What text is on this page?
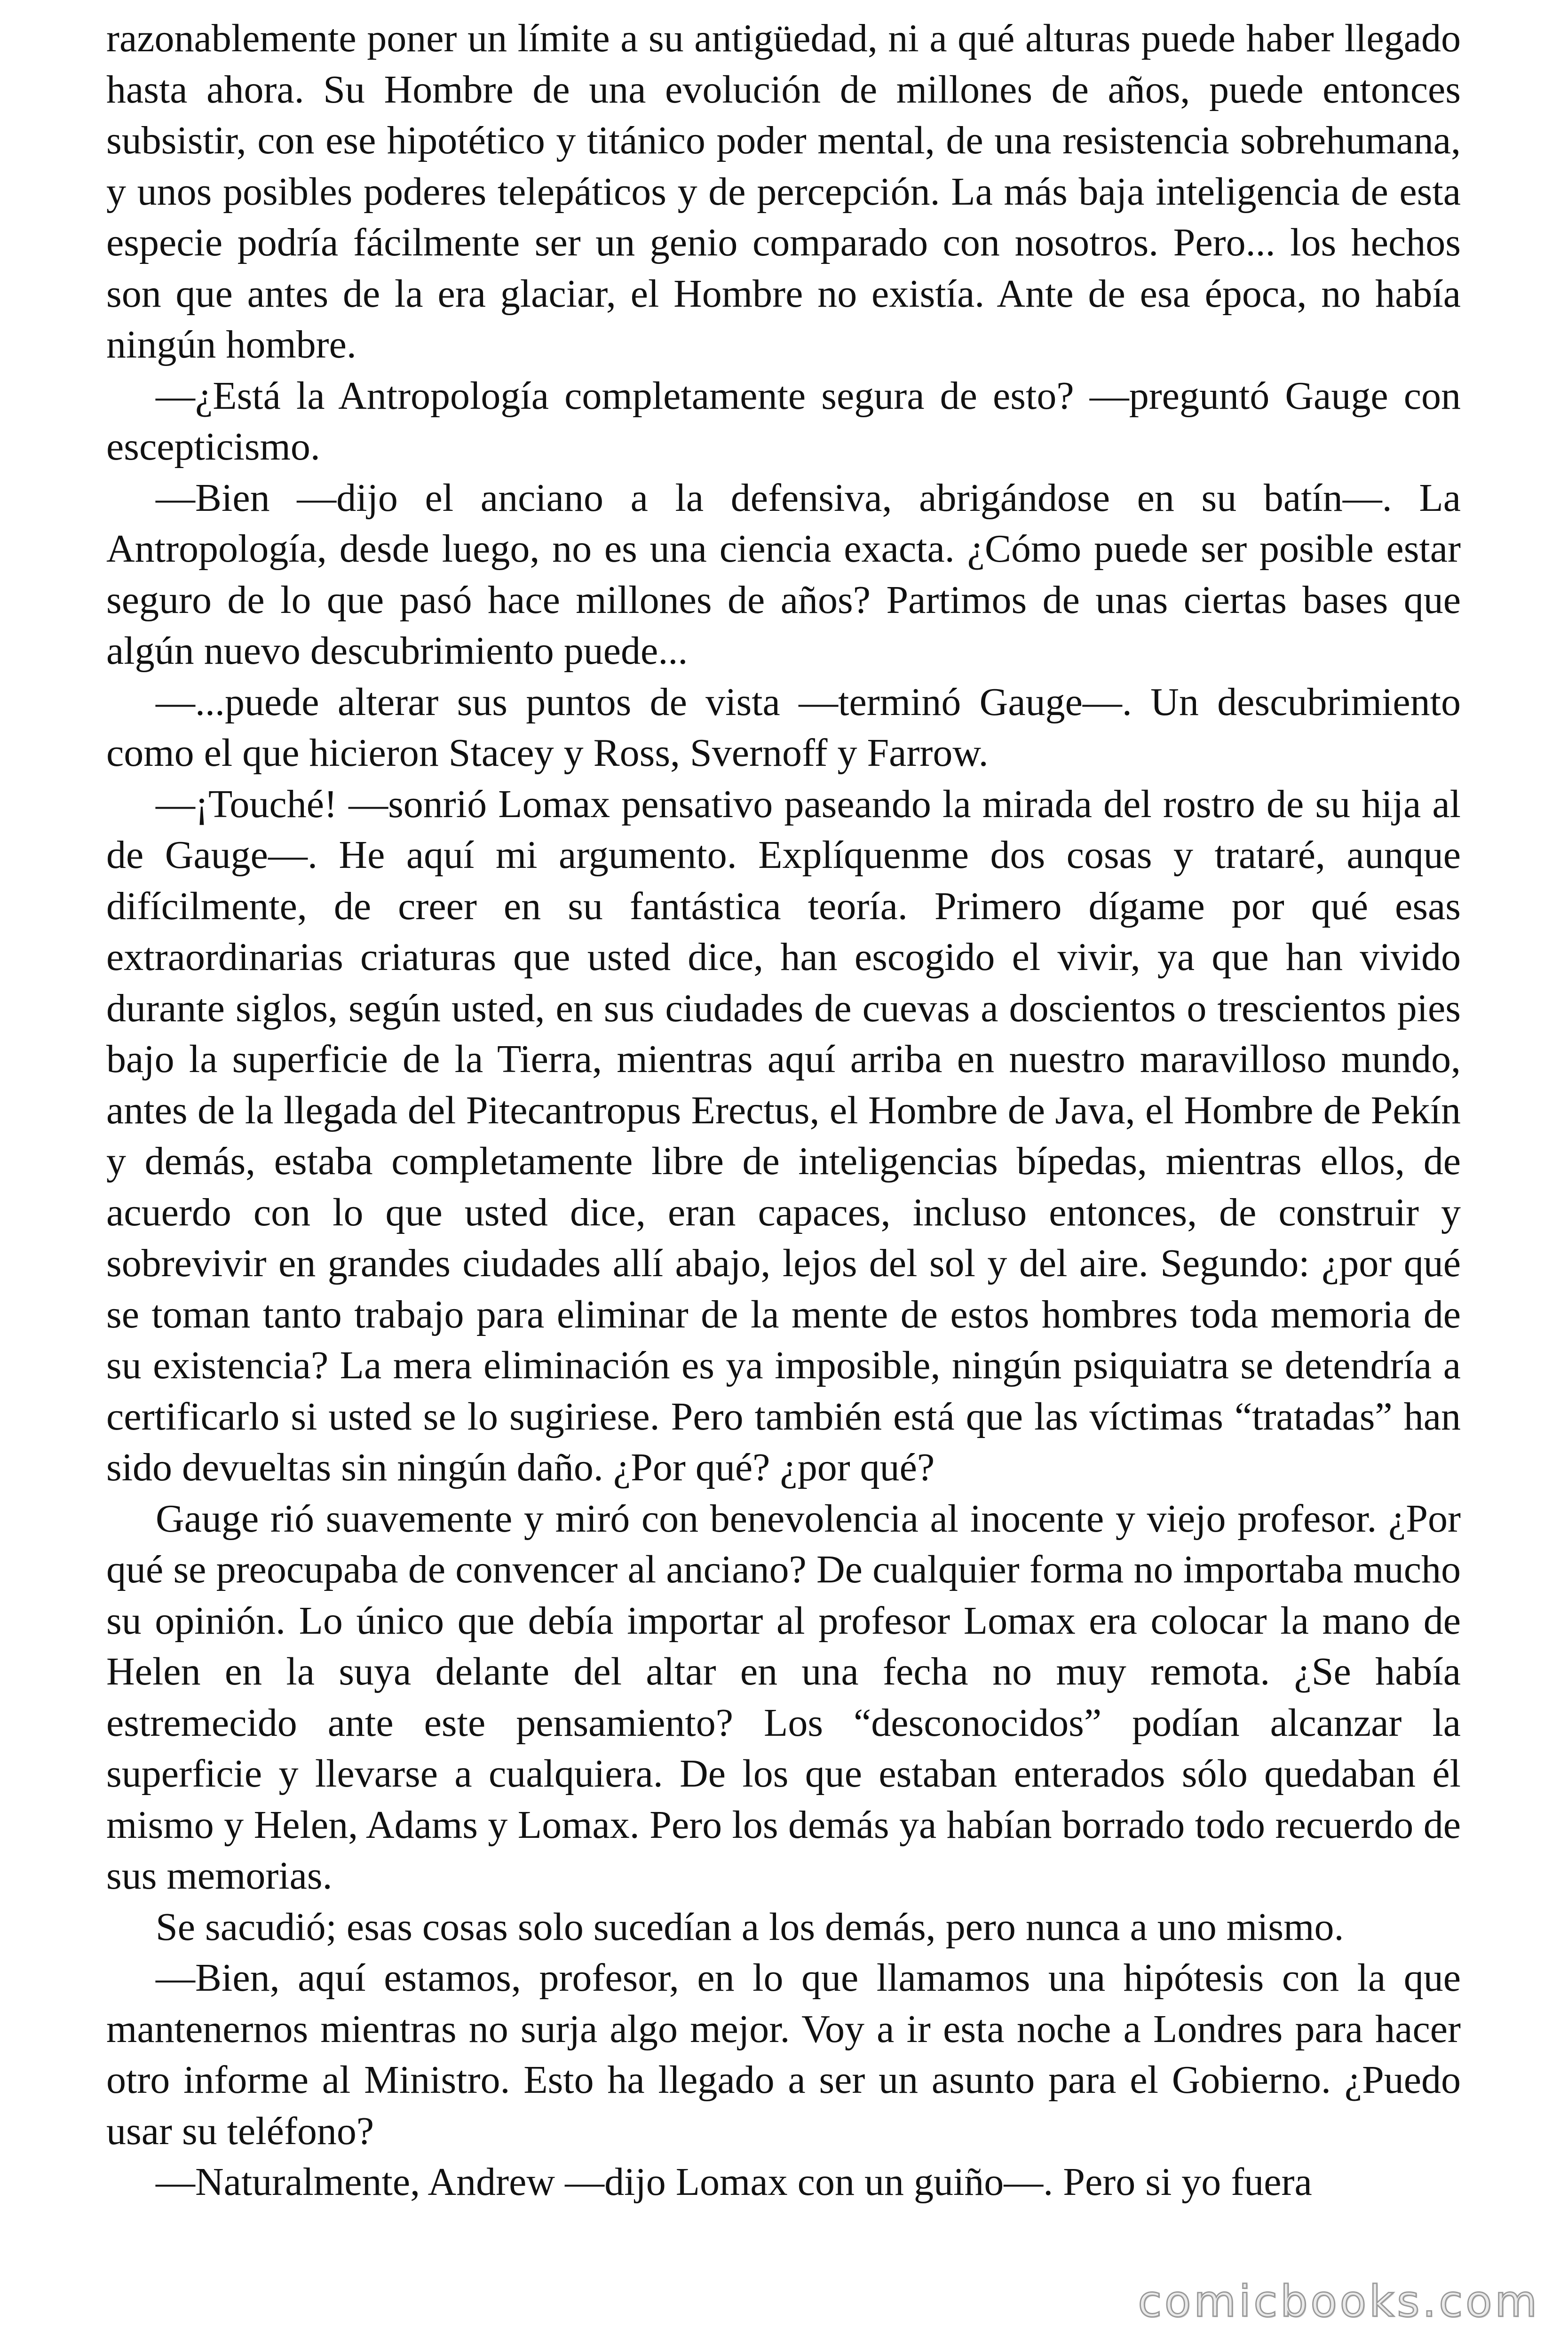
razonablemente poner un límite a su antigüedad, ni a qué alturas puede haber llegado hasta ahora. Su Hombre de una evolución de millones de años, puede entonces subsistir, con ese hipotético y titánico poder mental, de una resistencia sobrehumana, y unos posibles poderes telepáticos y de percepción. La más baja inteligencia de esta especie podría fácilmente ser un genio comparado con nosotros. Pero... los hechos son que antes de la era glaciar, el Hombre no existía. Ante de esa época, no había ningún hombre.

—¿Está la Antropología completamente segura de esto? —preguntó Gauge con escepticismo.

—Bien —dijo el anciano a la defensiva, abrigándose en su batín—. La Antropología, desde luego, no es una ciencia exacta. ¿Cómo puede ser posible estar seguro de lo que pasó hace millones de años? Partimos de unas ciertas bases que algún nuevo descubrimiento puede...

—...puede alterar sus puntos de vista —terminó Gauge—. Un descubrimiento como el que hicieron Stacey y Ross, Svernoff y Farrow.

—¡Touché! —sonrió Lomax pensativo paseando la mirada del rostro de su hija al de Gauge—. He aquí mi argumento. Explíquenme dos cosas y trataré, aunque difícilmente, de creer en su fantástica teoría. Primero dígame por qué esas extraordinarias criaturas que usted dice, han escogido el vivir, ya que han vivido durante siglos, según usted, en sus ciudades de cuevas a doscientos o trescientos pies bajo la superficie de la Tierra, mientras aquí arriba en nuestro maravilloso mundo, antes de la llegada del Pitecantropus Erectus, el Hombre de Java, el Hombre de Pekín y demás, estaba completamente libre de inteligencias bípedas, mientras ellos, de acuerdo con lo que usted dice, eran capaces, incluso entonces, de construir y sobrevivir en grandes ciudades allí abajo, lejos del sol y del aire. Segundo: ¿por qué se toman tanto trabajo para eliminar de la mente de estos hombres toda memoria de su existencia? La mera eliminación es ya imposible, ningún psiquiatra se detendría a certificarlo si usted se lo sugiriese. Pero también está que las víctimas “tratadas” han sido devueltas sin ningún daño. ¿Por qué? ¿por qué?

Gauge rió suavemente y miró con benevolencia al inocente y viejo profesor. ¿Por qué se preocupaba de convencer al anciano? De cualquier forma no importaba mucho su opinión. Lo único que debía importar al profesor Lomax era colocar la mano de Helen en la suya delante del altar en una fecha no muy remota. ¿Se había estremecido ante este pensamiento? Los “desconocidos” podían alcanzar la superficie y llevarse a cualquiera. De los que estaban enterados sólo quedaban él mismo y Helen, Adams y Lomax. Pero los demás ya habían borrado todo recuerdo de sus memorias.

Se sacudió; esas cosas solo sucedían a los demás, pero nunca a uno mismo.

—Bien, aquí estamos, profesor, en lo que llamamos una hipótesis con la que mantenernos mientras no surja algo mejor. Voy a ir esta noche a Londres para hacer otro informe al Ministro. Esto ha llegado a ser un asunto para el Gobierno. ¿Puedo usar su teléfono?

—Naturalmente, Andrew —dijo Lomax con un guiño—. Pero si yo fuera

comicbooks.com
